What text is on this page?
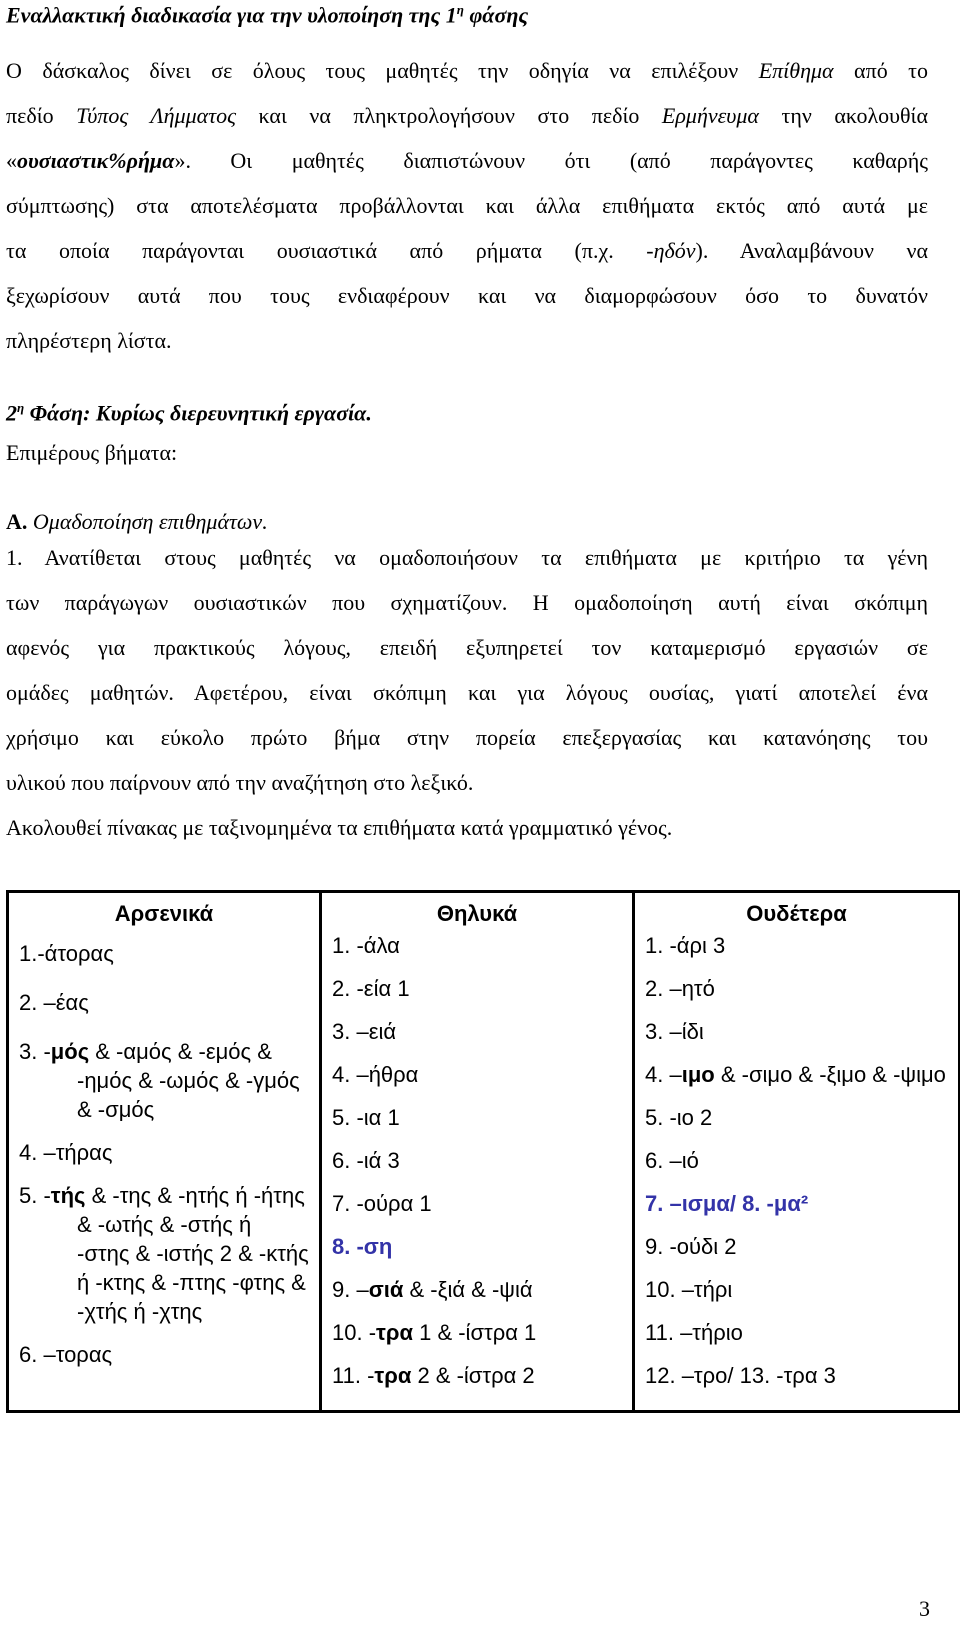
Εναλλακτική διαδικασία για την υλοποίηση της $1^\eta$ φάσης
Ο δάσκαλος δίνει σε όλους τους μαθητές την οδηγία να επιλέξουν Επίθημα από το
πεδίο Τύπος Λήμματος και να πληκτρολογήσουν στο πεδίο Ερμήνευμα την ακολουθία
«ουσιαστικ%ρήμα». Οι μαθητές διαπιστώνουν ότι (από παράγοντες καθαρής
σύμπτωσης) στα αποτελέσματα προβάλλονται και άλλα επιθήματα εκτός από αυτά με
τα οποία παράγονται ουσιαστικά από ρήματα (π.χ. -ηδόν). Αναλαμβάνουν να
ξεχωρίσουν αυτά που τους ενδιαφέρουν και να διαμορφώσουν όσο το δυνατόν
πληρέστερη λίστα.
$2^\eta$ Φάση: Κυρίως διερευνητική εργασία.
Επιμέρους βήματα:
Α. Ομαδοποίηση επιθημάτων.
1. Ανατίθεται στους μαθητές να ομαδοποιήσουν τα επιθήματα με κριτήριο τα γένη
των παράγωγων ουσιαστικών που σχηματίζουν. Η ομαδοποίηση αυτή είναι σκόπιμη
αφενός για πρακτικούς λόγους, επειδή εξυπηρετεί τον καταμερισμό εργασιών σε
ομάδες μαθητών. Αφετέρου, είναι σκόπιμη και για λόγους ουσίας, γιατί αποτελεί ένα
χρήσιμο και εύκολο πρώτο βήμα στην πορεία επεξεργασίας και κατανόησης του
υλικού που παίρνουν από την αναζήτηση στο λεξικό.
Ακολουθεί πίνακας με ταξινομημένα τα επιθήματα κατά γραμματικό γένος.
Αρσενικά
1.-άτορας
2. –έας
3. -μός & -αμός & -εμός & -ημός & -ωμός & -γμός & -σμός
4. –τήρας
5. -τής & -της & -ητής ή -ήτης & -ωτής & -στής ή -στης & -ιστής 2 & -κτής ή -κτης & -πτης -φτης & -χτής ή -χτης
6. –τορας

Θηλυκά
1. -άλα
2. -εία 1
3. –ειά
4. –ήθρα
5. -ια 1
6. -ιά 3
7. -ούρα 1
8. -ση
9. –σιά & -ξιά & -ψιά
10. -τρα 1 & -ίστρα 1
11. -τρα 2 & -ίστρα 2

Ουδέτερα
1. -άρι 3
2. –ητό
3. –ίδι
4. –ιμο & -σιμο & -ξιμο & -ψιμο
5. -ιο 2
6. –ιό
7. –ισμα/ 8. -μα²
9. -ούδι 2
10. –τήρι
11. –τήριο
12. –τρο/ 13. -τρα 3
3
